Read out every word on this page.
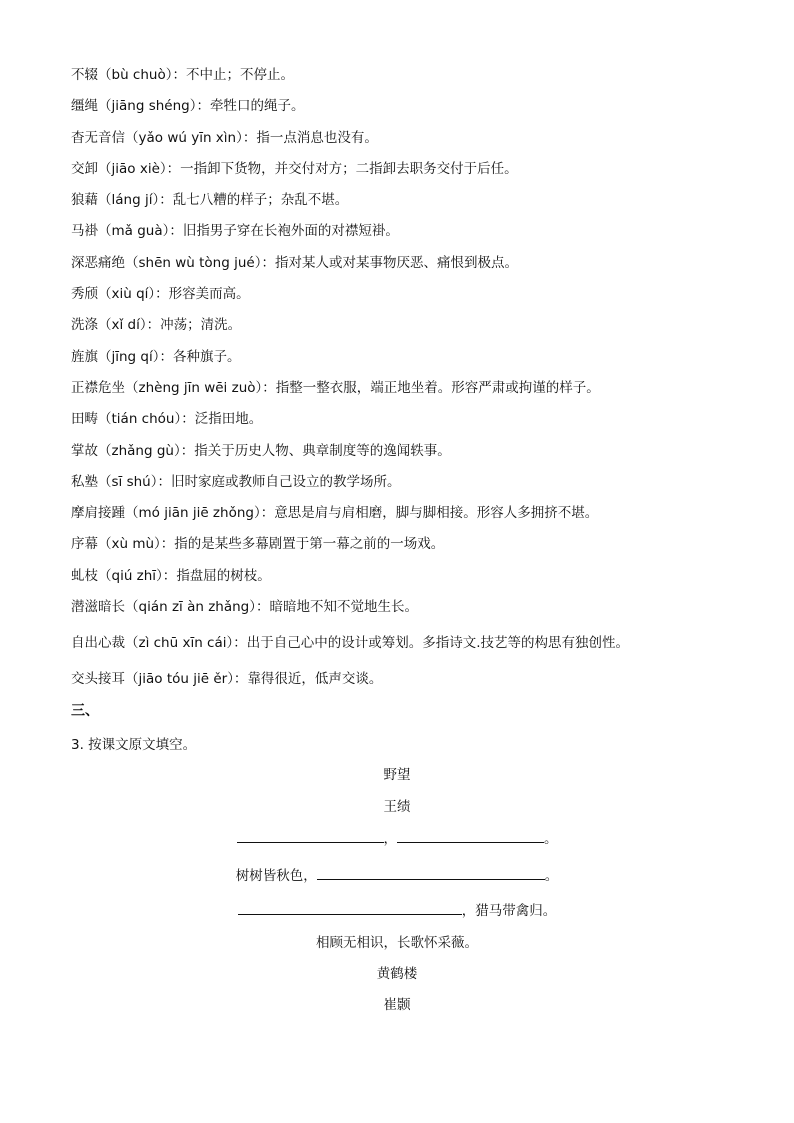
不辍（bù chuò）：不中止；不停止。
缰绳（jiāng shéng）：牵牲口的绳子。
杳无音信（yǎo wú yīn xìn）：指一点消息也没有。
交卸（jiāo xiè）：一指卸下货物，并交付对方；二指卸去职务交付于后任。
狼藉（láng jí）：乱七八糟的样子；杂乱不堪。
马褂（mǎ guà）：旧指男子穿在长袍外面的对襟短褂。
深恶痛绝（shēn wù tòng jué）：指对某人或对某事物厌恶、痛恨到极点。
秀颀（xiù qí）：形容美而高。
洗涤（xǐ dí）：冲荡；清洗。
旌旗（jīng qí）：各种旗子。
正襟危坐（zhèng jīn wēi zuò）：指整一整衣服，端正地坐着。形容严肃或拘谨的样子。
田畴（tián chóu）：泛指田地。
掌故（zhǎng gù）：指关于历史人物、典章制度等的逸闻轶事。
私塾（sī shú）：旧时家庭或教师自己设立的教学场所。
摩肩接踵（mó jiān jiē zhǒng）：意思是肩与肩相磨，脚与脚相接。形容人多拥挤不堪。
序幕（xù mù）：指的是某些多幕剧置于第一幕之前的一场戏。
虬枝（qiú zhī）：指盘屈的树枝。
潜滋暗长（qián zī àn zhǎng）：暗暗地不知不觉地生长。
自出心裁（zì chū xīn cái）：出于自己心中的设计或筹划。多指诗文.技艺等的构思有独创性。
交头接耳（jiāo tóu jiē ěr）：靠得很近，低声交谈。
三、
3. 按课文原文填空。
野望
王绩
，	。
树树皆秋色，	。
，猎马带禽归。
相顾无相识，长歌怀采薇。
黄鹤楼
崔颢
